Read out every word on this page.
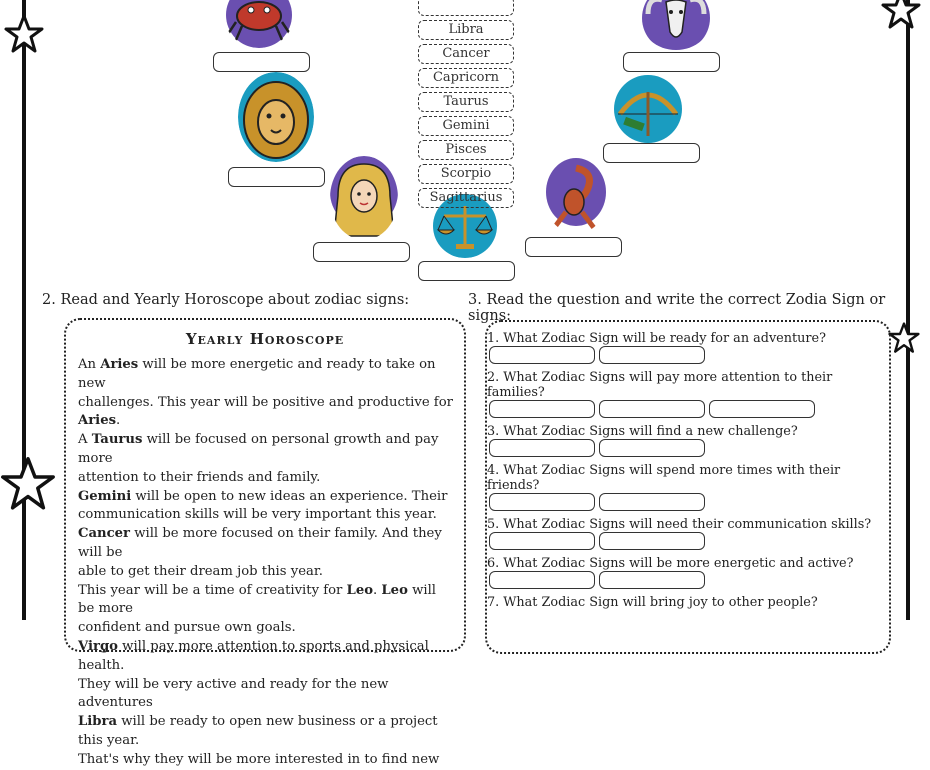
Libra
Cancer
Capricorn
Taurus
Gemini
Pisces
Scorpio
Sagittarius
2. Read and Yearly Horoscope about zodiac signs:
Yearly Horoscope
An Aries will be more energetic and ready to take on new
challenges. This year will be positive and productive for Aries.
A Taurus will be focused on personal growth and pay more
attention to their friends and family.
Gemini will be open to new ideas an experience. Their
communication skills will be very important this year.
Cancer will be more focused on their family. And they will be
able to get their dream job this year.
This year will be a time of creativity for Leo. Leo will be more
confident and pursue own goals.
Virgo will pay more attention to sports and physical health.
They will be very active and ready for the new adventures
Libra will be ready to open new business or a project this year.
That's why they will be more interested in to find new
3. Read the question and write the correct Zodia Sign or signs:
1. What Zodiac Sign will be ready for an adventure?
2. What Zodiac Signs will pay more attention to their families?
3. What Zodiac Signs will find a new challenge?
4. What Zodiac Signs will spend more times with their friends?
5. What Zodiac Signs will need their communication skills?
6. What Zodiac Signs will be more energetic and active?
7. What Zodiac Sign will bring joy to other people?
